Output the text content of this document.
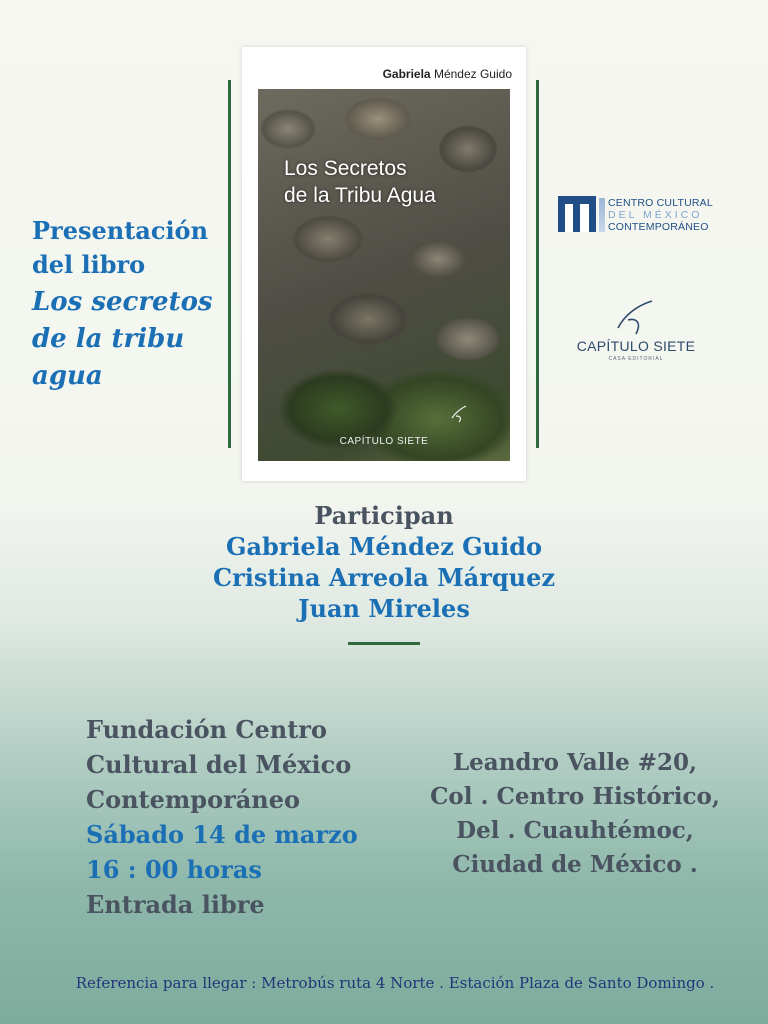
Presentación
del libro
Los secretos
de la tribu
agua
Gabriela Méndez Guido
Los Secretos
de la Tribu Agua
CAPÍTULO SIETE
CENTRO CULTURAL
DEL MÉXICO
CONTEMPORÁNEO
CAPÍTULO SIETE
CASA EDITORIAL
Participan
Gabriela Méndez Guido
Cristina Arreola Márquez
Juan Mireles
Fundación Centro
Cultural del México
Contemporáneo
Sábado 14 de marzo
16 : 00 horas
Entrada libre
Leandro Valle #20,
Col . Centro Histórico,
Del . Cuauhtémoc,
Ciudad de México .
Referencia para llegar : Metrobús ruta 4 Norte . Estación Plaza de Santo Domingo .
